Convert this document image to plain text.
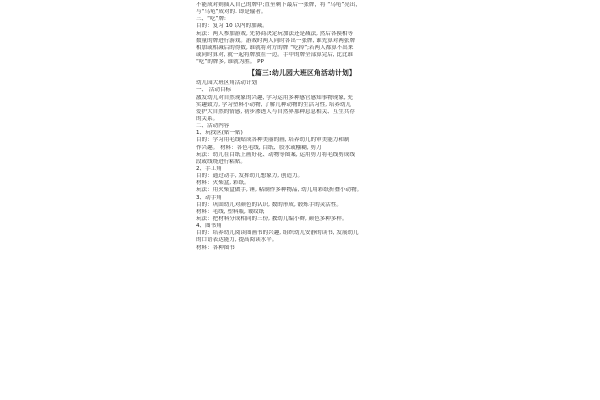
不能成对则插入自己的牌中;直至剩下最后一张牌，将 “乌龟”亮出，
与“乌龟”成对的. 即是输者。
三、“吃”牌:
目的：复习 10 以内的加减。
玩法：两人参加游戏, 先协商决定玩加法还是减法, 然后各摸相等
数量的牌进行游戏。游戏时两人同时各出一张牌, 谁先算对两张牌
相加或相减后的得数, 谁就将对方的牌 “吃掉”;若两人都算不出来
或同时算对, 就一起将牌放在一边。手中的牌全部算完后, 比比谁
“吃”的牌多, 谁就为胜。 PP
【篇三:幼儿园大班区角活动计划】
幼儿园大班区角活动计划
一、 活动目标
激发幼儿对自然现象的兴趣, 学习运用多种感官感知事物现象, 充
实趣致力, 学习塑料小动物, 了解几种动物的生活习性, 培养幼儿
爱护大自然的情感, 初步渗透人与自然界那种息息相关、互生共存
的关系。
二、活动内容
1、玩找区(贴一贴)
目的：学习用毛线贴成各种美丽的画, 培养幼儿的审美能力和制
作兴趣。 材料：各色毛线, 白纸、胶水或糨糊, 剪刀
玩法：幼儿在白纸上画好花、动物等图案, 运用剪刀将毛线剪成线
段或线绕进行粘贴。
2、手工角
目的：通过动手, 发挥幼儿想象力, 创造力。
材料：火柴盒, 彩纸。
玩法：用火柴盒做手, 锤, 粘制作多种物品, 幼儿用彩纸折叠小动物。
3、动手角
目的：巩固幼儿对颜色的认识, 数的形成, 锻炼手的灵活性。
材料：毛线, 塑料瓶, 皱纹纸
玩法：把材料分成相同的三份, 教幼儿编小辫, 颜色多种多样。
4、图书角
目的：培养幼儿阅读图画书的兴趣, 组织幼儿安静的读书, 发展幼儿
的口语表达能力, 提高阅读水平。
材料：各种图书
